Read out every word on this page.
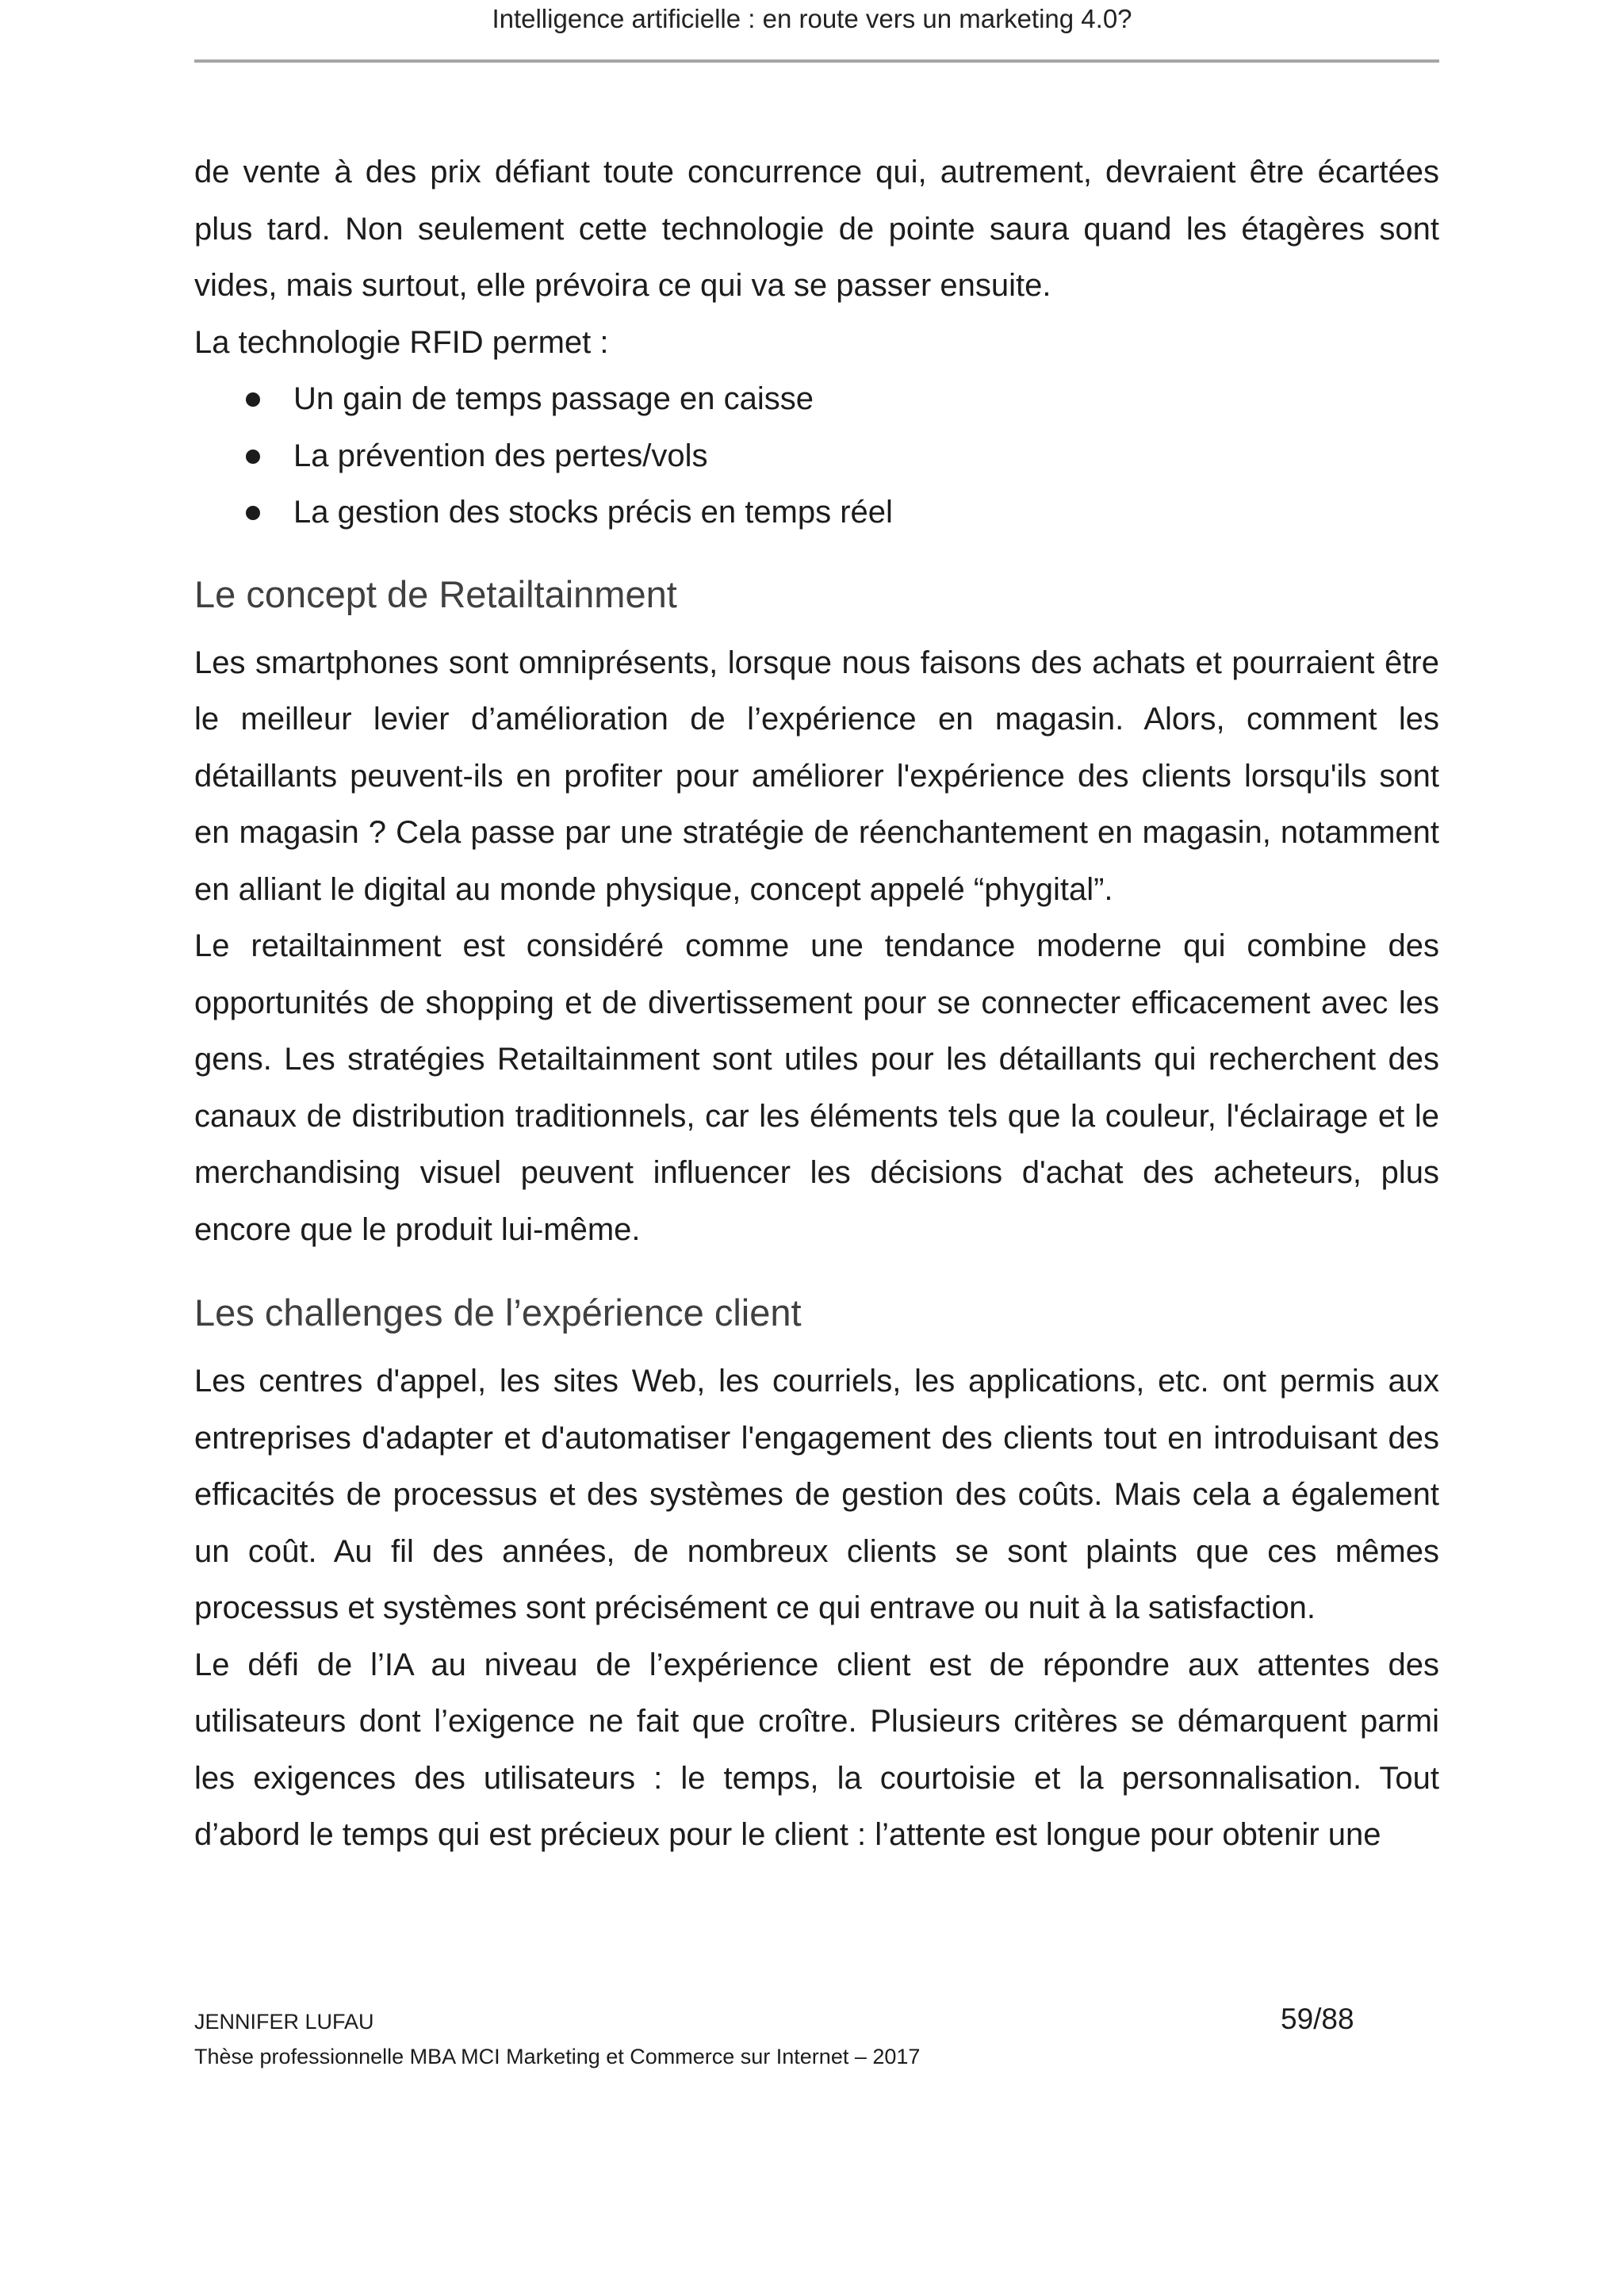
Intelligence artificielle : en route vers un marketing 4.0?

de vente à des prix défiant toute concurrence qui, autrement, devraient être écartées plus tard. Non seulement cette technologie de pointe saura quand les étagères sont vides, mais surtout, elle prévoira ce qui va se passer ensuite.

La technologie RFID permet :

Un gain de temps passage en caisse
La prévention des pertes/vols
La gestion des stocks précis en temps réel
Le concept de Retailtainment

Les smartphones sont omniprésents, lorsque nous faisons des achats et pourraient être le meilleur levier d’amélioration de l’expérience en magasin. Alors, comment les détaillants peuvent-ils en profiter pour améliorer l'expérience des clients lorsqu'ils sont en magasin ? Cela passe par une stratégie de réenchantement en magasin, notamment en alliant le digital au monde physique, concept appelé “phygital”.

Le retailtainment est considéré comme une tendance moderne qui combine des opportunités de shopping et de divertissement pour se connecter efficacement avec les gens. Les stratégies Retailtainment sont utiles pour les détaillants qui recherchent des canaux de distribution traditionnels, car les éléments tels que la couleur, l'éclairage et le merchandising visuel peuvent influencer les décisions d'achat des acheteurs, plus encore que le produit lui-même.

Les challenges de l’expérience client

Les centres d'appel, les sites Web, les courriels, les applications, etc. ont permis aux entreprises d'adapter et d'automatiser l'engagement des clients tout en introduisant des efficacités de processus et des systèmes de gestion des coûts. Mais cela a également un coût. Au fil des années, de nombreux clients se sont plaints que ces mêmes processus et systèmes sont précisément ce qui entrave ou nuit à la satisfaction.

Le défi de l’IA au niveau de l’expérience client est de répondre aux attentes des utilisateurs dont l’exigence ne fait que croître. Plusieurs critères se démarquent parmi les exigences des utilisateurs : le temps, la courtoisie et la personnalisation. Tout d’abord le temps qui est précieux pour le client : l’attente est longue pour obtenir une

JENNIFER LUFAU
Thèse professionnelle MBA MCI Marketing et Commerce sur Internet – 2017
59/88
